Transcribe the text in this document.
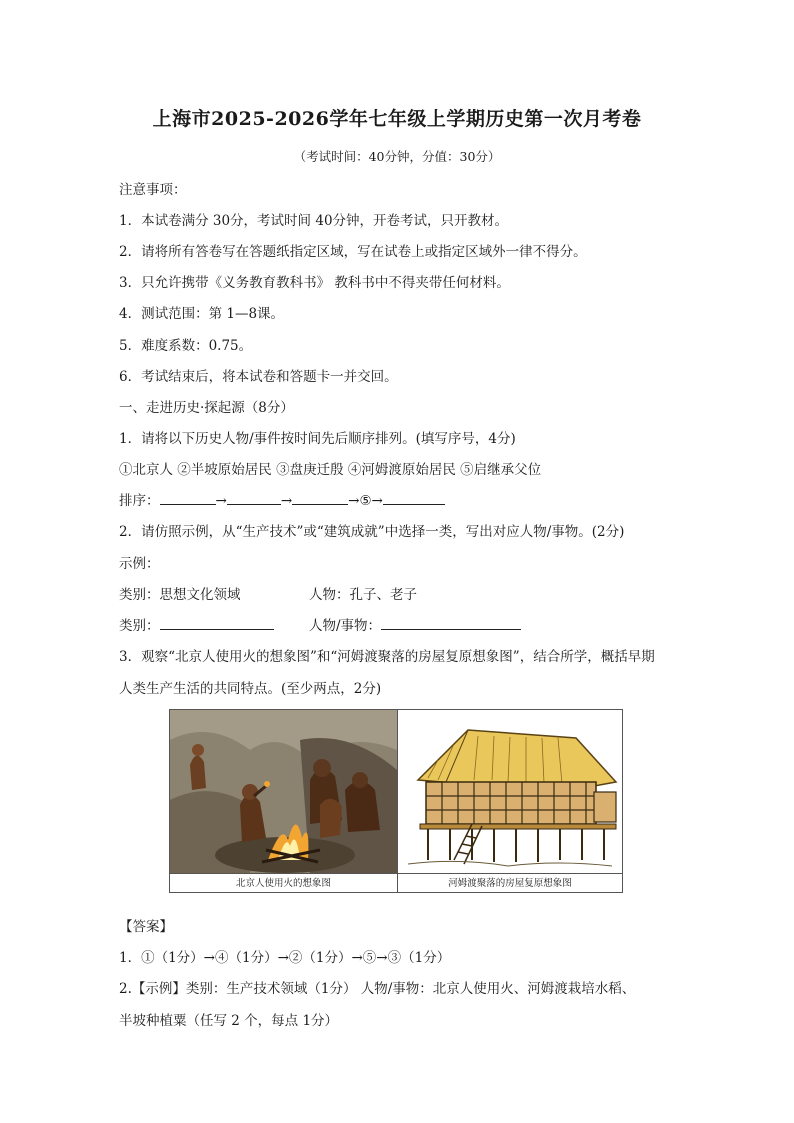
上海市2025-2026学年七年级上学期历史第一次月考卷
（考试时间：40分钟，分值：30分）
注意事项：
1．本试卷满分 30分，考试时间 40分钟，开卷考试，只开教材。
2．请将所有答卷写在答题纸指定区域，写在试卷上或指定区域外一律不得分。
3．只允许携带《义务教育教科书》 教科书中不得夹带任何材料。
4．测试范围：第 1—8课。
5．难度系数：0.75。
6．考试结束后，将本试卷和答题卡一并交回。
一、走进历史·探起源（8分）
1．请将以下历史人物/事件按时间先后顺序排列。(填写序号，4分)
①北京人 ②半坡原始居民 ③盘庚迁殷 ④河姆渡原始居民 ⑤启继承父位
排序：	→	→	→⑤→
2．请仿照示例，从“生产技术”或“建筑成就”中选择一类，写出对应人物/事物。(2分)
示例：
类别：思想文化领域	人物：孔子、老子
类别：	人物/事物：
3．观察“北京人使用火的想象图”和“河姆渡聚落的房屋复原想象图”，结合所学，概括早期
人类生产生活的共同特点。(至少两点，2分)
北京人使用火的想象图	河姆渡聚落的房屋复原想象图
【答案】
1．①（1分）→④（1分）→②（1分）→⑤→③（1分）
2.【示例】类别：生产技术领域（1分） 人物/事物：北京人使用火、河姆渡栽培水稻、
半坡种植粟（任写 2 个，每点 1分）
